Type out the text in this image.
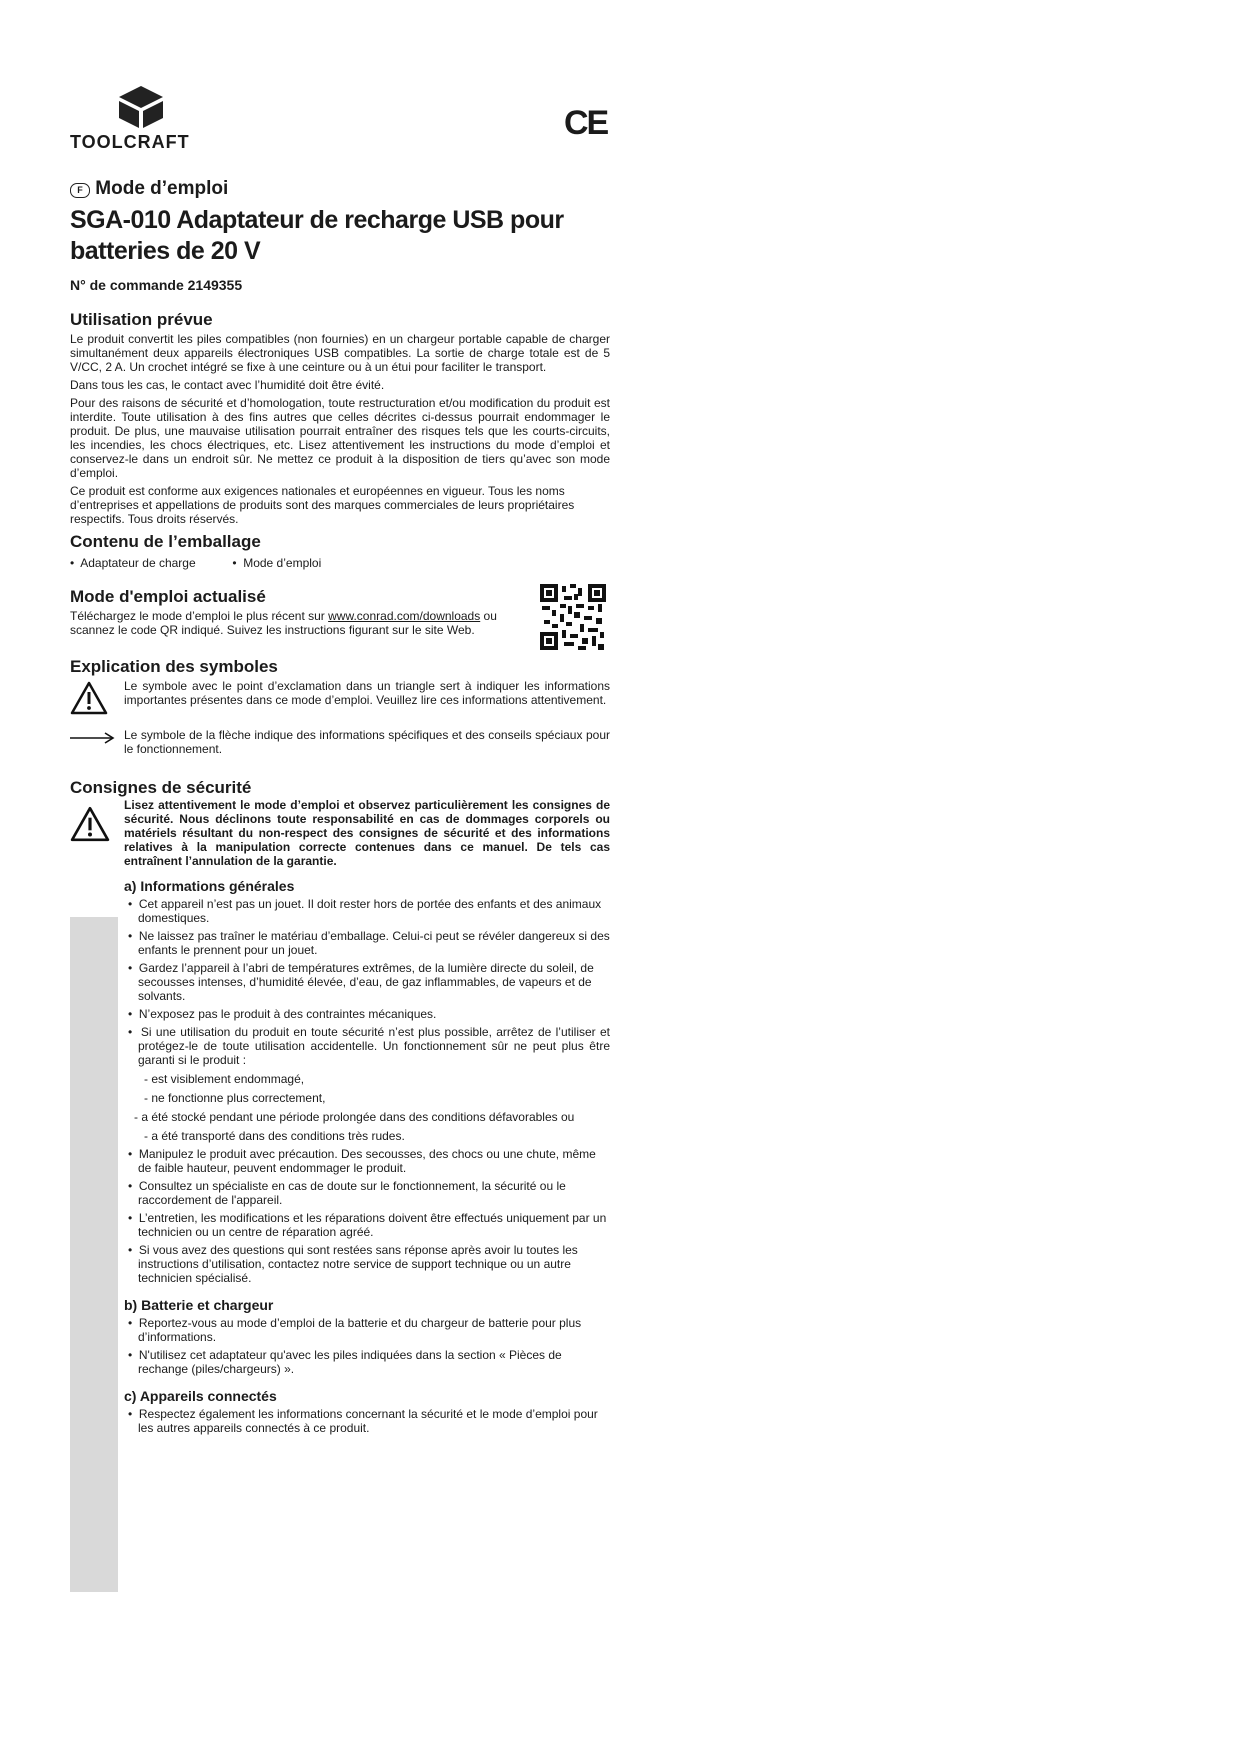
TOOLCRAFT	CE
F Mode d’emploi
SGA-010 Adaptateur de recharge USB pour batteries de 20 V
N° de commande 2149355
Utilisation prévue

Le produit convertit les piles compatibles (non fournies) en un chargeur portable capable de charger simultanément deux appareils électroniques USB compatibles. La sortie de charge totale est de 5 V/CC, 2 A. Un crochet intégré se fixe à une ceinture ou à un étui pour faciliter le transport.

Dans tous les cas, le contact avec l’humidité doit être évité.

Pour des raisons de sécurité et d’homologation, toute restructuration et/ou modification du produit est interdite. Toute utilisation à des fins autres que celles décrites ci-dessus pourrait endommager le produit. De plus, une mauvaise utilisation pourrait entraîner des risques tels que les courts-circuits, les incendies, les chocs électriques, etc. Lisez attentivement les instructions du mode d’emploi et conservez-le dans un endroit sûr. Ne mettez ce produit à la disposition de tiers qu’avec son mode d’emploi.

Ce produit est conforme aux exigences nationales et européennes en vigueur. Tous les noms d’entreprises et appellations de produits sont des marques commerciales de leurs propriétaires respectifs. Tous droits réservés.

Contenu de l’emballage
•  Adaptateur de charge	•  Mode d’emploi
Mode d'emploi actualisé

Téléchargez le mode d’emploi le plus récent sur www.conrad.com/downloads ou scannez le code QR indiqué. Suivez les instructions figurant sur le site Web.

Explication des symboles

Le symbole avec le point d’exclamation dans un triangle sert à indiquer les informations importantes présentes dans ce mode d’emploi. Veuillez lire ces informations attentivement.

Le symbole de la flèche indique des informations spécifiques et des conseils spéciaux pour le fonctionnement.

Consignes de sécurité

Lisez attentivement le mode d’emploi et observez particulièrement les consignes de sécurité. Nous déclinons toute responsabilité en cas de dommages corporels ou matériels résultant du non-respect des consignes de sécurité et des informations relatives à la manipulation correcte contenues dans ce manuel. De tels cas entraînent l’annulation de la garantie.

a) Informations générales

•  Cet appareil n’est pas un jouet. Il doit rester hors de portée des enfants et des animaux domestiques.

•  Ne laissez pas traîner le matériau d’emballage. Celui-ci peut se révéler dangereux si des enfants le prennent pour un jouet.

•  Gardez l’appareil à l’abri de températures extrêmes, de la lumière directe du soleil, de secousses intenses, d’humidité élevée, d’eau, de gaz inflammables, de vapeurs et de solvants.

•  N’exposez pas le produit à des contraintes mécaniques.

•  Si une utilisation du produit en toute sécurité n’est plus possible, arrêtez de l’utiliser et protégez-le de toute utilisation accidentelle. Un fonctionnement sûr ne peut plus être garanti si le produit :

- est visiblement endommagé,

- ne fonctionne plus correctement,

- a été stocké pendant une période prolongée dans des conditions défavorables ou

- a été transporté dans des conditions très rudes.

•  Manipulez le produit avec précaution. Des secousses, des chocs ou une chute, même de faible hauteur, peuvent endommager le produit.

•  Consultez un spécialiste en cas de doute sur le fonctionnement, la sécurité ou le raccordement de l'appareil.

•  L’entretien, les modifications et les réparations doivent être effectués uniquement par un technicien ou un centre de réparation agréé.

•  Si vous avez des questions qui sont restées sans réponse après avoir lu toutes les instructions d’utilisation, contactez notre service de support technique ou un autre technicien spécialisé.

b) Batterie et chargeur

•  Reportez-vous au mode d’emploi de la batterie et du chargeur de batterie pour plus d’informations.

•  N'utilisez cet adaptateur qu'avec les piles indiquées dans la section « Pièces de rechange (piles/chargeurs) ».

c) Appareils connectés

•  Respectez également les informations concernant la sécurité et le mode d’emploi pour les autres appareils connectés à ce produit.
